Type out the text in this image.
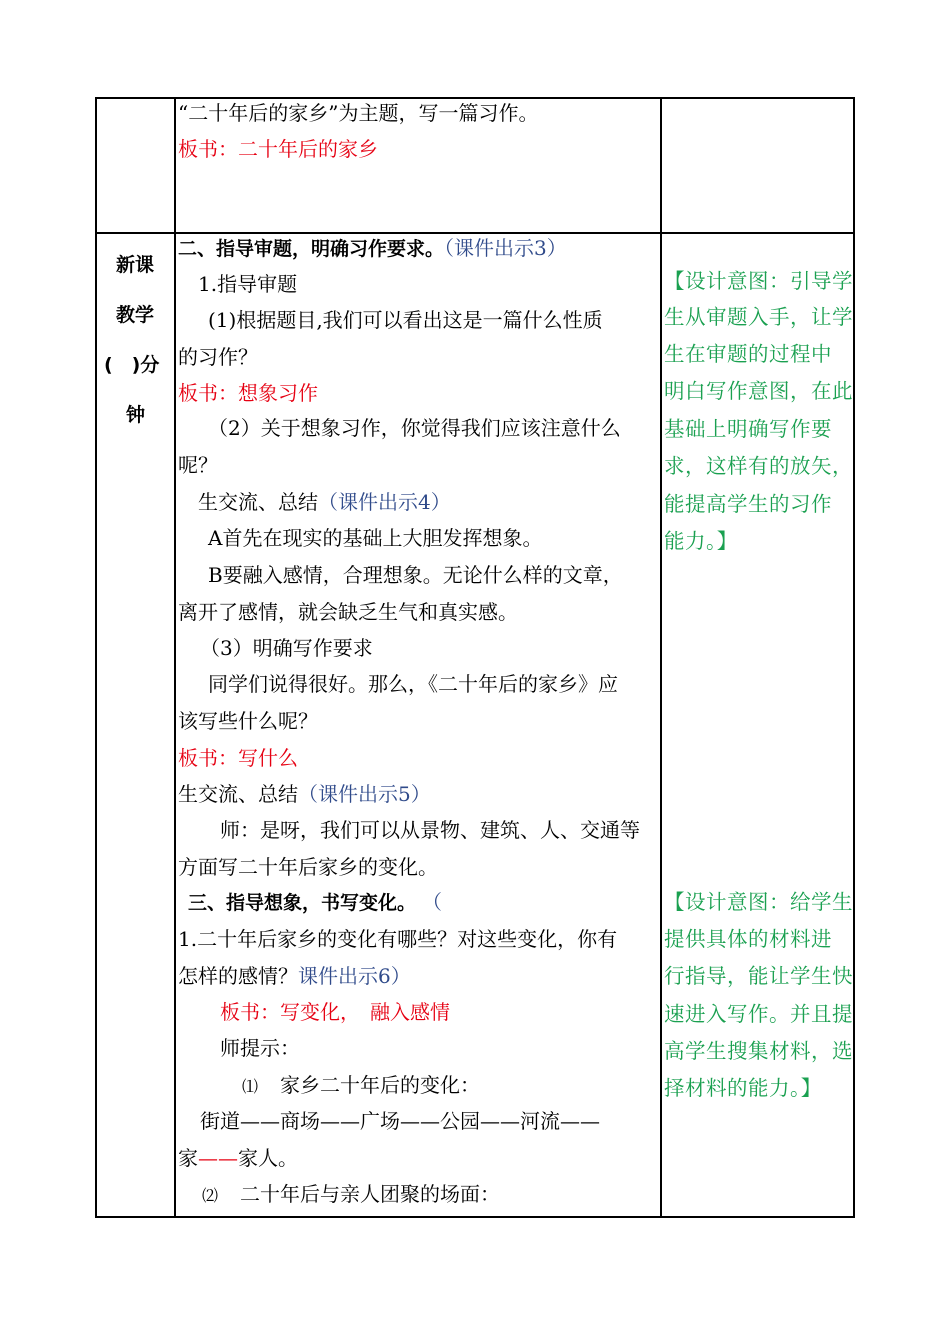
“二十年后的家乡”为主题，写一篇习作。
板书：二十年后的家乡
新课
教学
(　)分
钟
二、指导审题，明确习作要求。（课件出示3）
1.指导审题
(1)根据题目,我们可以看出这是一篇什么性质
的习作？
板书：想象习作
（2）关于想象习作，你觉得我们应该注意什么
呢？
生交流、总结（课件出示4）
A首先在现实的基础上大胆发挥想象。
B要融入感情，合理想象。无论什么样的文章，
离开了感情，就会缺乏生气和真实感。
（3）明确写作要求
同学们说得很好。那么，《二十年后的家乡》应
该写些什么呢？
板书：写什么
生交流、总结（课件出示5）
师：是呀，我们可以从景物、建筑、人、交通等
方面写二十年后家乡的变化。
三、指导想象，书写变化。 （
1.二十年后家乡的变化有哪些？对这些变化，你有
怎样的感情？课件出示6）
板书：写变化，　融入感情
师提示：
⑴ 家乡二十年后的变化：
街道——商场——广场——公园——河流——
家——家人。
⑵ 二十年后与亲人团聚的场面：
【设计意图：引导学
生从审题入手，让学
生在审题的过程中
明白写作意图，在此
基础上明确写作要
求，这样有的放矢，
能提高学生的习作
能力。】
【设计意图：给学生
提供具体的材料进
行指导，能让学生快
速进入写作。并且提
高学生搜集材料，选
择材料的能力。】
